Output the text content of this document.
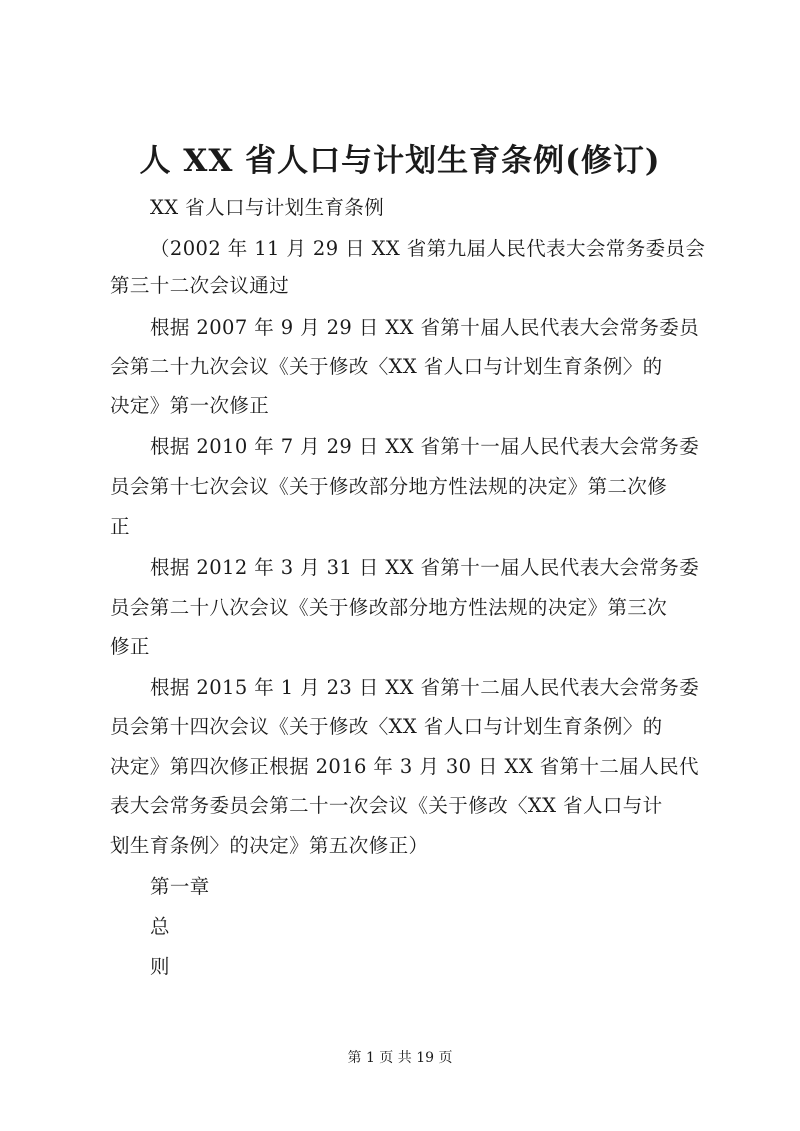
人 XX 省人口与计划生育条例(修订)
XX 省人口与计划生育条例
（2002 年 11 月 29 日 XX 省第九届人民代表大会常务委员会
第三十二次会议通过
根据 2007 年 9 月 29 日 XX 省第十届人民代表大会常务委员
会第二十九次会议《关于修改〈XX 省人口与计划生育条例〉的
决定》第一次修正
根据 2010 年 7 月 29 日 XX 省第十一届人民代表大会常务委
员会第十七次会议《关于修改部分地方性法规的决定》第二次修
正
根据 2012 年 3 月 31 日 XX 省第十一届人民代表大会常务委
员会第二十八次会议《关于修改部分地方性法规的决定》第三次
修正
根据 2015 年 1 月 23 日 XX 省第十二届人民代表大会常务委
员会第十四次会议《关于修改〈XX 省人口与计划生育条例〉的
决定》第四次修正根据 2016 年 3 月 30 日 XX 省第十二届人民代
表大会常务委员会第二十一次会议《关于修改〈XX 省人口与计
划生育条例〉的决定》第五次修正）
第一章
总
则
第 1 页 共 19 页
